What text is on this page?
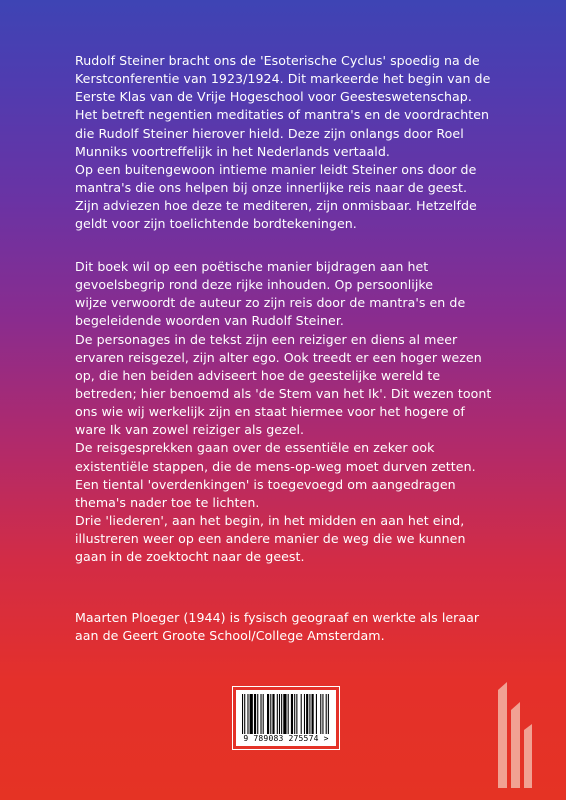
Rudolf Steiner bracht ons de 'Esoterische Cyclus' spoedig na de
Kerstconferentie van 1923/1924. Dit markeerde het begin van de
Eerste Klas van de Vrije Hogeschool voor Geesteswetenschap.
Het betreft negentien meditaties of mantra's en de voordrachten
die Rudolf Steiner hierover hield. Deze zijn onlangs door Roel
Munniks voortreffelijk in het Nederlands vertaald.
Op een buitengewoon intieme manier leidt Steiner ons door de
mantra's die ons helpen bij onze innerlijke reis naar de geest.
Zijn adviezen hoe deze te mediteren, zijn onmisbaar. Hetzelfde
geldt voor zijn toelichtende bordtekeningen.
Dit boek wil op een poëtische manier bijdragen aan het
gevoelsbegrip rond deze rijke inhouden. Op persoonlijke
wijze verwoordt de auteur zo zijn reis door de mantra's en de
begeleidende woorden van Rudolf Steiner.
De personages in de tekst zijn een reiziger en diens al meer
ervaren reisgezel, zijn alter ego. Ook treedt er een hoger wezen
op, die hen beiden adviseert hoe de geestelijke wereld te
betreden; hier benoemd als 'de Stem van het Ik'. Dit wezen toont
ons wie wij werkelijk zijn en staat hiermee voor het hogere of
ware Ik van zowel reiziger als gezel.
De reisgesprekken gaan over de essentiële en zeker ook
existentiële stappen, die de mens-op-weg moet durven zetten.
Een tiental 'overdenkingen' is toegevoegd om aangedragen
thema's nader toe te lichten.
Drie 'liederen', aan het begin, in het midden en aan het eind,
illustreren weer op een andere manier de weg die we kunnen
gaan in de zoektocht naar de geest.
Maarten Ploeger (1944) is fysisch geograaf en werkte als leraar
aan de Geert Groote School/College Amsterdam.
9 789083 275574 >
